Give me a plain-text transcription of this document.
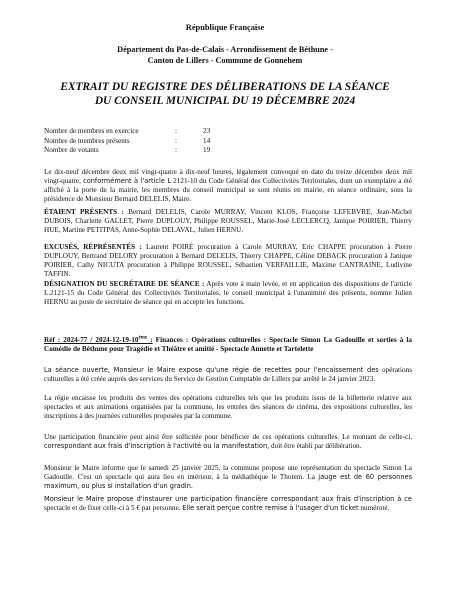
République Française
Département du Pas-de-Calais - Arrondissement de Béthune -
Canton de Lillers - Commune de Gonnehem
EXTRAIT DU REGISTRE DES DÉLIBERATIONS DE LA SÉANCE
DU CONSEIL MUNICIPAL DU 19 DÉCEMBRE 2024
Nombre de membres en exercice	:	23
Nombre de membres présents	:	14
Nombre de votants	:	19

Le dix-neuf décembre deux mil vingt-quatre à dix-neuf heures, légalement convoqué en date du treize décembre deux mil vingt-quatre, conformément à l'article L 2121-10 du Code Général des Collectivités Territoriales, dont un exemplaire a été affiché à la porte de la mairie, les membres du conseil municipal se sont réunis en mairie, en séance ordinaire, sous la présidence de Monsieur Bernard DELELIS, Maire.

ÉTAIENT PRÉSENTS : Bernard DELELIS, Carole MURRAY, Vincent KLOS, Françoise LEFEBVRE, Jean-Michel DUBOIS, Charlette GALLET, Pierre DUPLOUY, Philippe ROUSSEL, Marie-José LECLERCQ, Janique POIRIER, Thierry HUE, Martine PETITPAS, Anne-Sophie DELAVAL, Julien HERNU.

EXCUSÉS, RÉPRÉSENTÉS : Laurent POIRÉ procuration à Carole MURRAY, Eric CHAPPE procuration à Pierre DUPLOUY, Bertrand DELORY procuration à Bernard DELELIS, Thierry CHAPPE, Céline DEBACK procuration à Janique POIRIER, Cathy NICUTA procuration à Philippe ROUSSEL, Sébastien VERFAILLIE, Maxime CANTRAINE, Ludivine TAFFIN.

DÉSIGNATION DU SECRÉTAIRE DE SÉANCE : Après vote à main levée, et en application des dispositions de l'article L.2121-15 du Code Général des Collectivités Territoriales, le conseil municipal à l'unanimité des présents, nomme Julien HERNU au poste de secrétaire de séance qui en accepte les fonctions.

Réf : 2024-77 / 2024-12-19-10ème : Finances : Opérations culturelles : Spectacle Simon La Gadouille et sorties à la Comédie de Béthune pour Tragédie et Théâtre et amitié - Spectacle Annette et Tartelette

La séance ouverte, Monsieur le Maire expose qu'une régie de recettes pour l'encaissement des opérations culturelles a été créée auprès des services du Service de Gestion Comptable de Lillers par arrêté le 24 janvier 2023.

La régie encaisse les produits des ventes des opérations culturelles tels que les produits issus de la billetterie relative aux spectacles et aux animations organisées par la commune, les entrées des séances de cinéma, des expositions culturelles, les inscriptions à des journées culturelles proposées par la commune.

Une participation financière peut ainsi être sollicitée pour bénéficier de ces opérations culturelles. Le montant de celle-ci, correspondant aux frais d'inscription à l'activité ou la manifestation, doit être établi par délibération.

Monsieur le Maire informe que le samedi 25 janvier 2025, la commune propose une représentation du spectacle Simon La Gadouille. C'est un spectacle qui aura lieu en intérieur, à la médiathèque le Thotem. La jauge est de 60 personnes maximum, ou plus si installation d'un gradin.

Monsieur le Maire propose d'instaurer une participation financière correspondant aux frais d'inscription à ce spectacle et de fixer celle-ci à 5 € par personne. Elle serait perçue contre remise à l'usager d'un ticket numéroté.
